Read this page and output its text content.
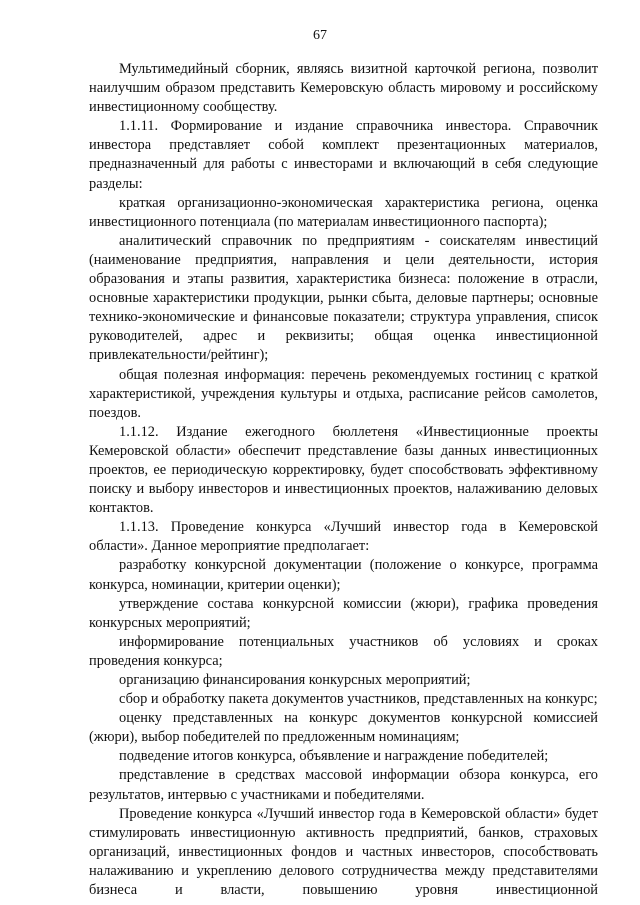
67

Мультимедийный сборник, являясь визитной карточкой региона, позволит наилучшим образом представить Кемеровскую область мировому и российскому инвестиционному сообществу.

1.1.11. Формирование и издание справочника инвестора. Справочник инвестора представляет собой комплект презентационных материалов, предназначенный для работы с инвесторами и включающий в себя следующие разделы:

краткая организационно-экономическая характеристика региона, оценка инвестиционного потенциала (по материалам инвестиционного паспорта);

аналитический справочник по предприятиям - соискателям инвестиций (наименование предприятия, направления и цели деятельности, история образования и этапы развития, характеристика бизнеса: положение в отрасли, основные характеристики продукции, рынки сбыта, деловые партнеры; основные технико-экономические и финансовые показатели; структура управления, список руководителей, адрес и реквизиты; общая оценка инвестиционной привлекательности/рейтинг);

общая полезная информация: перечень рекомендуемых гостиниц с краткой характеристикой, учреждения культуры и отдыха, расписание рейсов самолетов, поездов.

1.1.12. Издание ежегодного бюллетеня «Инвестиционные проекты Кемеровской области» обеспечит представление базы данных инвестиционных проектов, ее периодическую корректировку, будет способствовать эффективному поиску и выбору инвесторов и инвестиционных проектов, налаживанию деловых контактов.

1.1.13. Проведение конкурса «Лучший инвестор года в Кемеровской области». Данное мероприятие предполагает:

разработку конкурсной документации (положение о конкурсе, программа конкурса, номинации, критерии оценки);

утверждение состава конкурсной комиссии (жюри), графика проведения конкурсных мероприятий;

информирование потенциальных участников об условиях и сроках проведения конкурса;

организацию финансирования конкурсных мероприятий;

сбор и обработку пакета документов участников, представленных на конкурс;

оценку представленных на конкурс документов конкурсной комиссией (жюри), выбор победителей по предложенным номинациям;

подведение итогов конкурса, объявление и награждение победителей;

представление в средствах массовой информации обзора конкурса, его результатов, интервью с участниками и победителями.

Проведение конкурса «Лучший инвестор года в Кемеровской области» будет стимулировать инвестиционную активность предприятий, банков, страховых организаций, инвестиционных фондов и частных инвесторов, способствовать налаживанию и укреплению делового сотрудничества между представителями бизнеса и власти, повышению уровня инвестиционной
